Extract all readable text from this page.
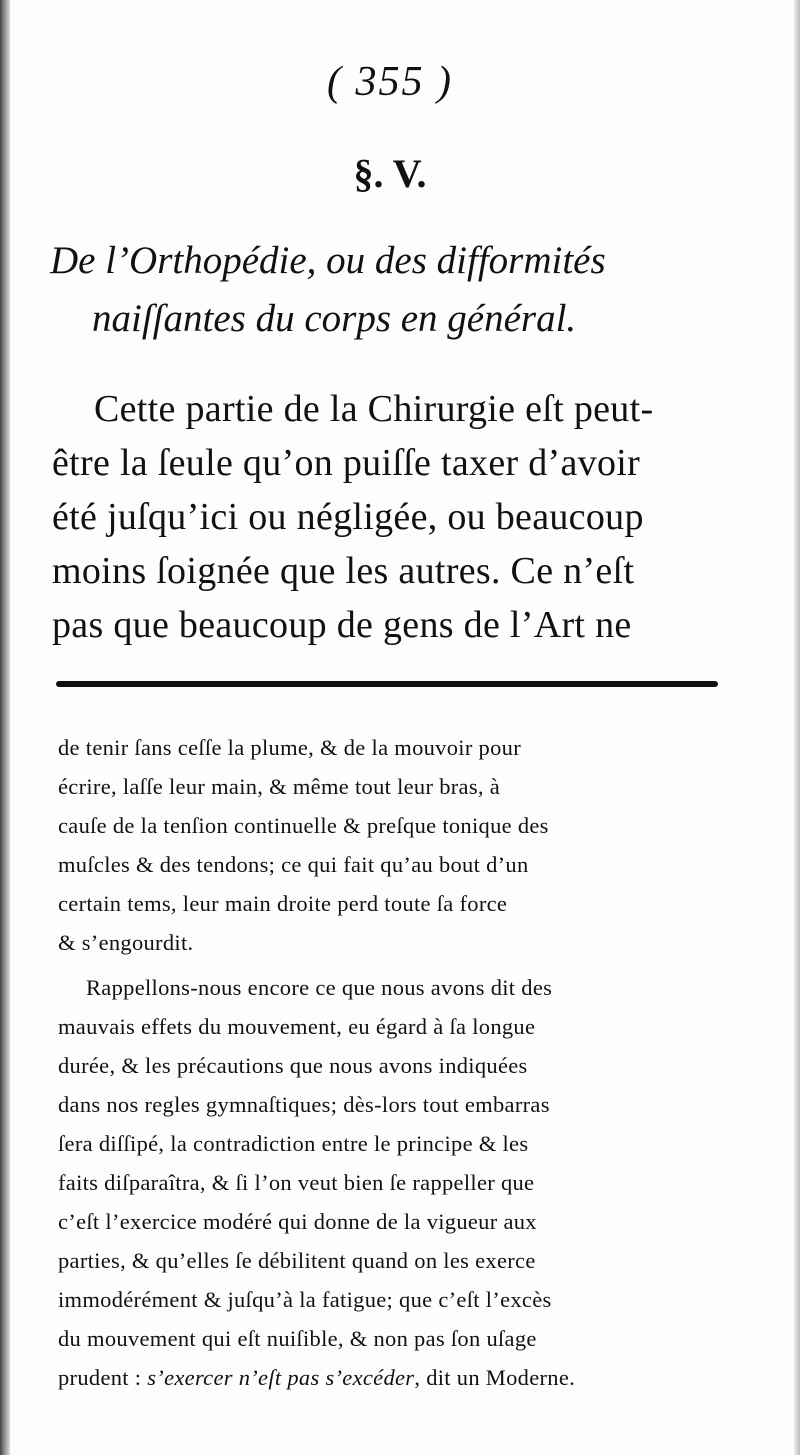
( 355 )
§. V.
De l’Orthopédie, ou des difformités
naiſſantes du corps en général.
Cette partie de la Chirurgie eſt peut-
être la ſeule qu’on puiſſe taxer d’avoir
été juſqu’ici ou négligée, ou beaucoup
moins ſoignée que les autres. Ce n’eſt
pas que beaucoup de gens de l’Art ne
de tenir ſans ceſſe la plume, & de la mouvoir pour
écrire, laſſe leur main, & même tout leur bras, à
cauſe de la tenſion continuelle & preſque tonique des
muſcles & des tendons; ce qui fait qu’au bout d’un
certain tems, leur main droite perd toute ſa force
& s’engourdit.
Rappellons-nous encore ce que nous avons dit des
mauvais effets du mouvement, eu égard à ſa longue
durée, & les précautions que nous avons indiquées
dans nos regles gymnaſtiques; dès-lors tout embarras
ſera diſſipé, la contradiction entre le principe & les
faits diſparaîtra, & ſi l’on veut bien ſe rappeller que
c’eſt l’exercice modéré qui donne de la vigueur aux
parties, & qu’elles ſe débilitent quand on les exerce
immodérément & juſqu’à la fatigue; que c’eſt l’excès
du mouvement qui eſt nuiſible, & non pas ſon uſage
prudent : s’exercer n’eſt pas s’excéder, dit un Moderne.
